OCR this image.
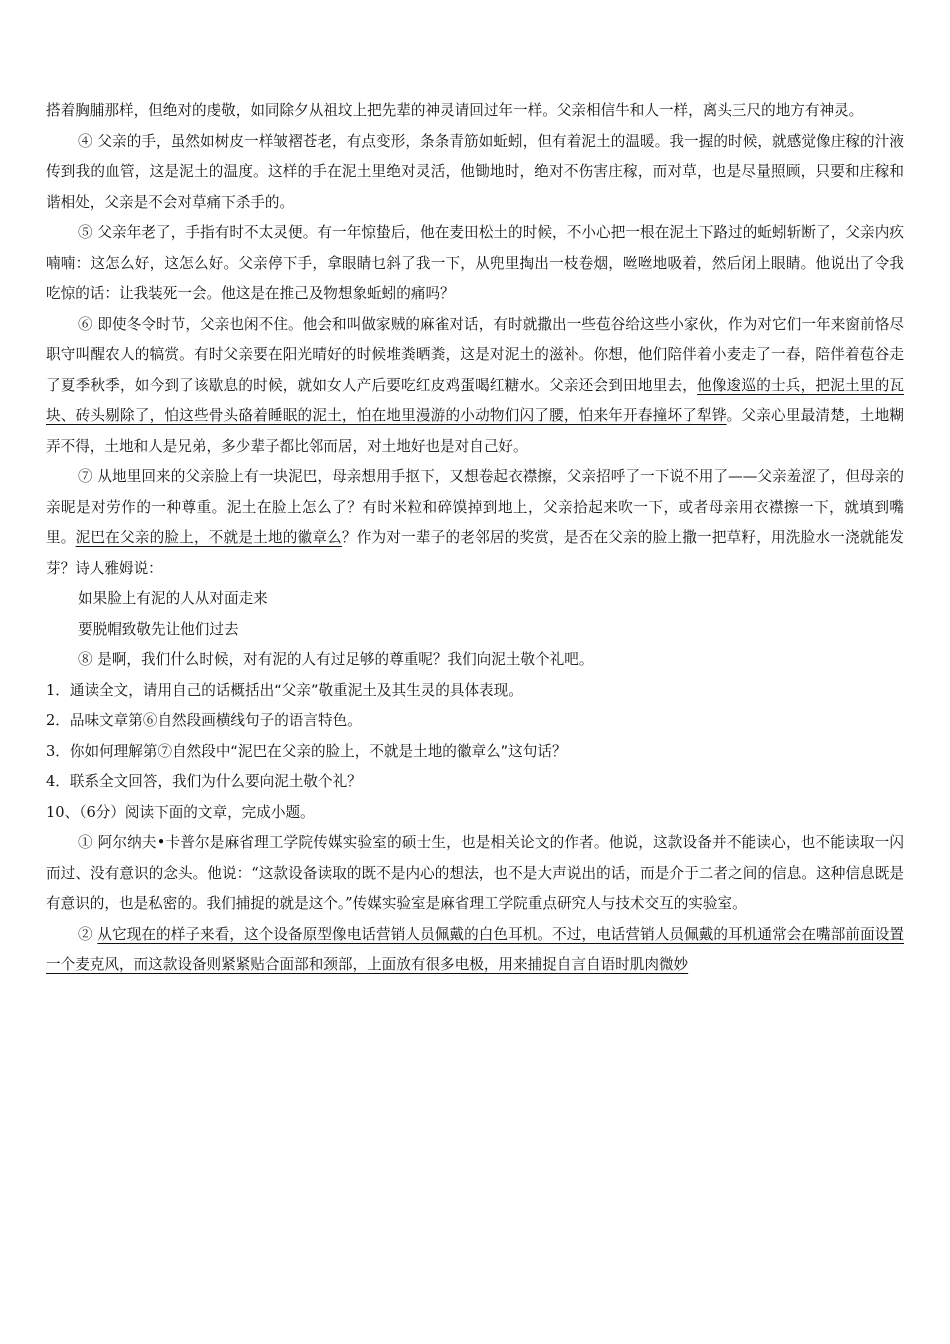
搭着胸脯那样，但绝对的虔敬，如同除夕从祖坟上把先辈的神灵请回过年一样。父亲相信牛和人一样，离头三尺的地方有神灵。

④ 父亲的手，虽然如树皮一样皱褶苍老，有点变形，条条青筋如蚯蚓，但有着泥土的温暖。我一握的时候，就感觉像庄稼的汁液传到我的血管，这是泥土的温度。这样的手在泥土里绝对灵活，他锄地时，绝对不伤害庄稼，而对草，也是尽量照顾，只要和庄稼和谐相处，父亲是不会对草痛下杀手的。

⑤ 父亲年老了，手指有时不太灵便。有一年惊蛰后，他在麦田松土的时候，不小心把一根在泥土下路过的蚯蚓斩断了，父亲内疚喃喃：这怎么好，这怎么好。父亲停下手，拿眼睛乜斜了我一下，从兜里掏出一枝卷烟，咝咝地吸着，然后闭上眼睛。他说出了令我吃惊的话：让我装死一会。他这是在推己及物想象蚯蚓的痛吗？

⑥ 即使冬令时节，父亲也闲不住。他会和叫做家贼的麻雀对话，有时就撒出一些苞谷给这些小家伙，作为对它们一年来窗前恪尽职守叫醒农人的犒赏。有时父亲要在阳光晴好的时候堆粪晒粪，这是对泥土的滋补。你想，他们陪伴着小麦走了一春，陪伴着苞谷走了夏季秋季，如今到了该歇息的时候，就如女人产后要吃红皮鸡蛋喝红糖水。父亲还会到田地里去，他像逡巡的士兵，把泥土里的瓦块、砖头剔除了，怕这些骨头硌着睡眠的泥土，怕在地里漫游的小动物们闪了腰，怕来年开春撞坏了犁铧。父亲心里最清楚，土地糊弄不得，土地和人是兄弟，多少辈子都比邻而居，对土地好也是对自己好。

⑦ 从地里回来的父亲脸上有一块泥巴，母亲想用手抠下，又想卷起衣襟擦，父亲招呼了一下说不用了——父亲羞涩了，但母亲的亲昵是对劳作的一种尊重。泥土在脸上怎么了？有时米粒和碎馍掉到地上，父亲拾起来吹一下，或者母亲用衣襟擦一下，就填到嘴里。泥巴在父亲的脸上，不就是土地的徽章么？作为对一辈子的老邻居的奖赏，是否在父亲的脸上撒一把草籽，用洗脸水一浇就能发芽？诗人雅姆说：

如果脸上有泥的人从对面走来

要脱帽致敬先让他们过去

⑧ 是啊，我们什么时候，对有泥的人有过足够的尊重呢？我们向泥土敬个礼吧。

1．通读全文，请用自己的话概括出“父亲”敬重泥土及其生灵的具体表现。

2．品味文章第⑥自然段画横线句子的语言特色。

3．你如何理解第⑦自然段中“泥巴在父亲的脸上，不就是土地的徽章么”这句话？

4．联系全文回答，我们为什么要向泥土敬个礼？

10、（6分）阅读下面的文章，完成小题。

① 阿尔纳夫•卡普尔是麻省理工学院传媒实验室的硕士生，也是相关论文的作者。他说，这款设备并不能读心，也不能读取一闪而过、没有意识的念头。他说：“这款设备读取的既不是内心的想法，也不是大声说出的话，而是介于二者之间的信息。这种信息既是有意识的，也是私密的。我们捕捉的就是这个。”传媒实验室是麻省理工学院重点研究人与技术交互的实验室。

② 从它现在的样子来看，这个设备原型像电话营销人员佩戴的白色耳机。不过，电话营销人员佩戴的耳机通常会在嘴部前面设置一个麦克风，而这款设备则紧紧贴合面部和颈部，上面放有很多电极，用来捕捉自言自语时肌肉微妙
